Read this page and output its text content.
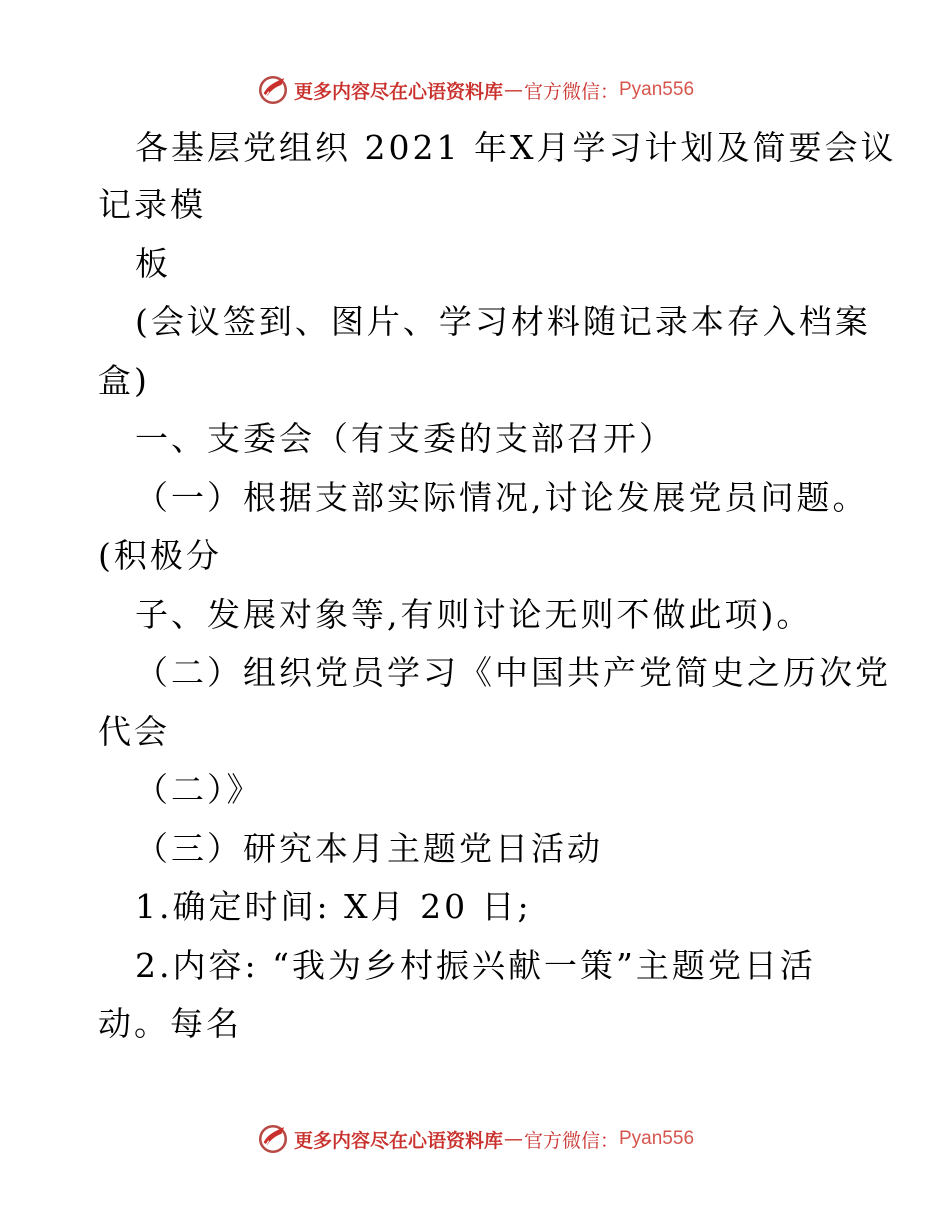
更多内容尽在心语资料库 — 官方微信： Pyan556
各基层党组织 2021 年X月学习计划及简要会议
记录模
板
(会议签到、图片、学习材料随记录本存入档案
盒)
一、支委会（有支委的支部召开）
（一）根据支部实际情况,讨论发展党员问题。
(积极分
子、发展对象等,有则讨论无则不做此项)。
（二）组织党员学习《中国共产党简史之历次党
代会
（二）》
（三）研究本月主题党日活动
1.确定时间: X月 20 日;
2.内容: “我为乡村振兴献一策”主题党日活
动。每名
更多内容尽在心语资料库 — 官方微信： Pyan556
